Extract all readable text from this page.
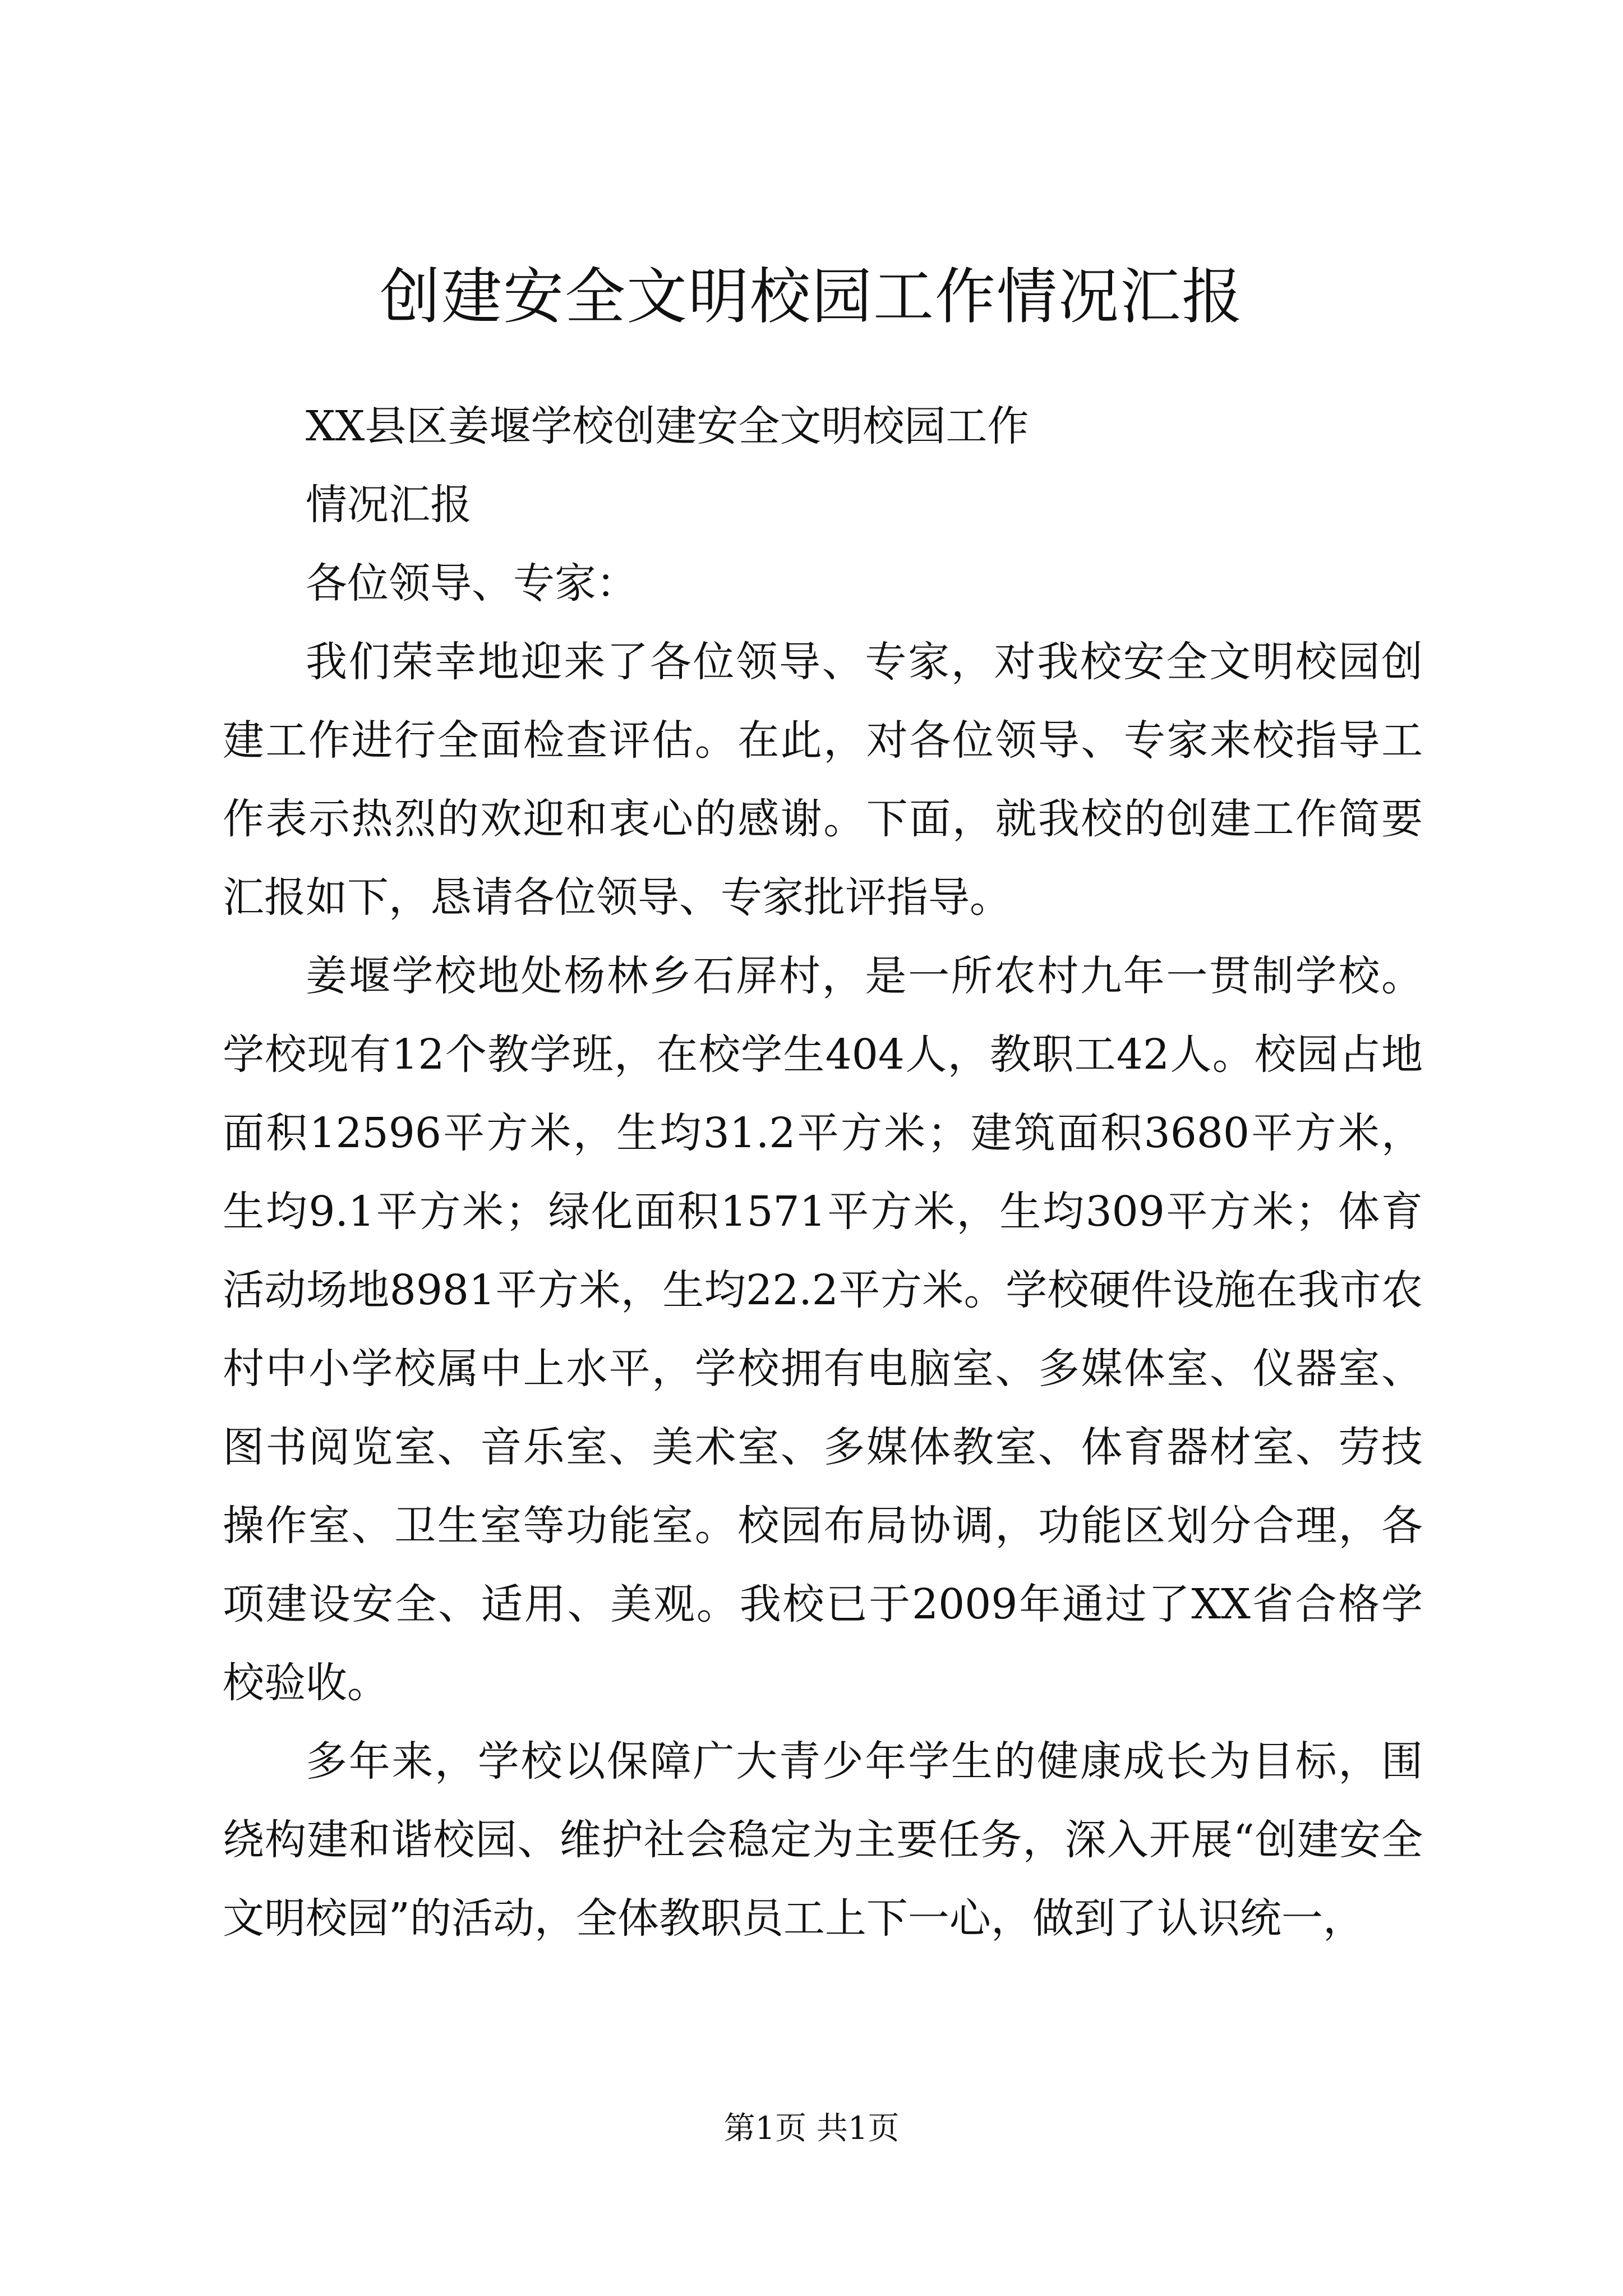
创建安全文明校园工作情况汇报

XX县区姜堰学校创建安全文明校园工作

情况汇报

各位领导、专家：

我们荣幸地迎来了各位领导、专家，对我校安全文明校园创建工作进行全面检查评估。在此，对各位领导、专家来校指导工作表示热烈的欢迎和衷心的感谢。下面，就我校的创建工作简要汇报如下，恳请各位领导、专家批评指导。

姜堰学校地处杨林乡石屏村，是一所农村九年一贯制学校。学校现有12个教学班，在校学生404人，教职工42人。校园占地面积12596平方米，生均31.2平方米；建筑面积3680平方米，生均9.1平方米；绿化面积1571平方米，生均309平方米；体育活动场地8981平方米，生均22.2平方米。学校硬件设施在我市农村中小学校属中上水平，学校拥有电脑室、多媒体室、仪器室、图书阅览室、音乐室、美术室、多媒体教室、体育器材室、劳技操作室、卫生室等功能室。校园布局协调，功能区划分合理，各项建设安全、适用、美观。我校已于2009年通过了XX省合格学校验收。

多年来，学校以保障广大青少年学生的健康成长为目标，围绕构建和谐校园、维护社会稳定为主要任务，深入开展“创建安全文明校园”的活动，全体教职员工上下一心，做到了认识统一，

第1页 共1页
